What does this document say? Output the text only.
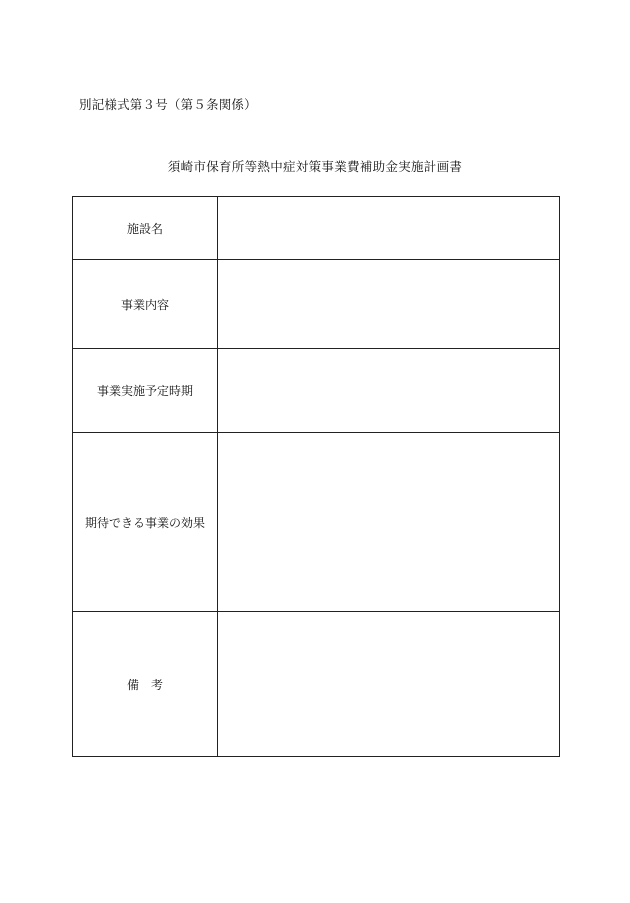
別記様式第３号（第５条関係）
須崎市保育所等熱中症対策事業費補助金実施計画書
施設名	
事業内容	
事業実施予定時期	
期待できる事業の効果	
備　考	
